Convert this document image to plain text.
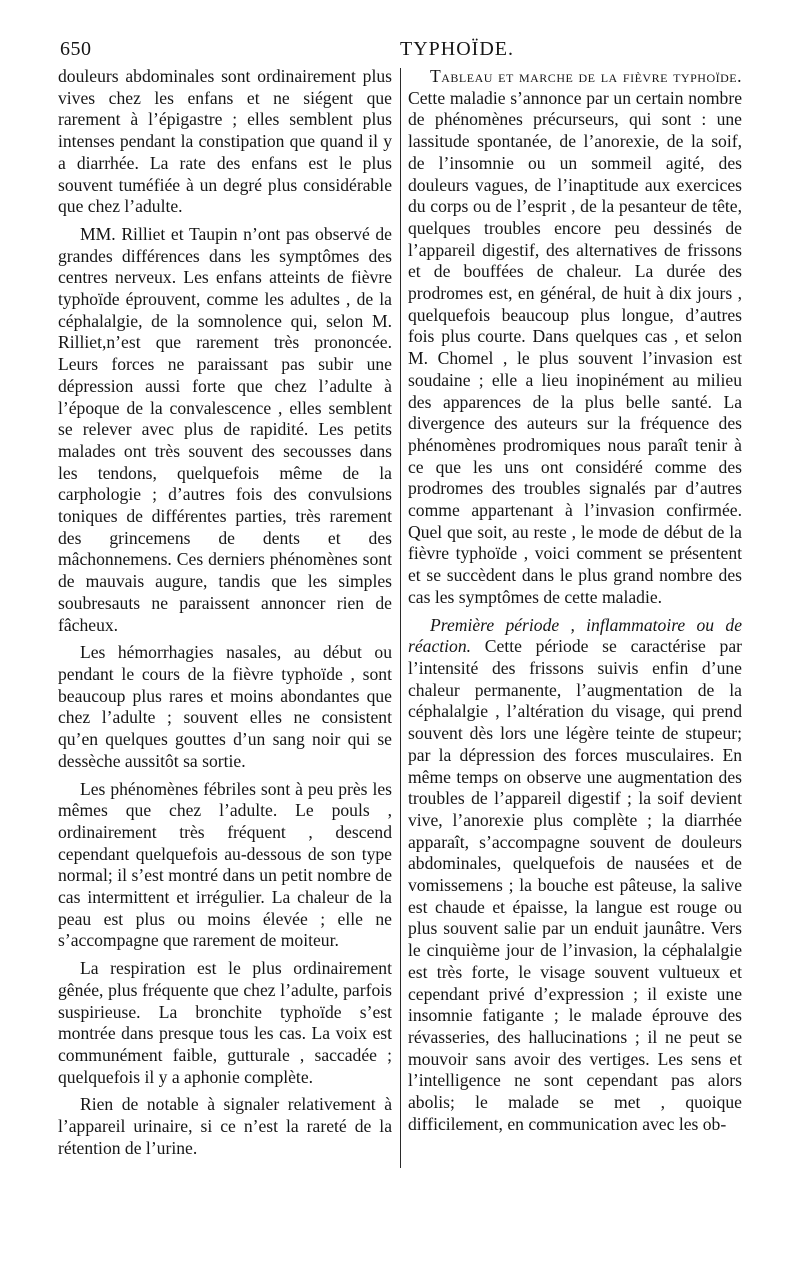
650	TYPHOÏDE.

douleurs abdominales sont ordinairement plus vives chez les enfans et ne siégent que rarement à l’épigastre ; elles semblent plus intenses pendant la constipation que quand il y a diarrhée. La rate des enfans est le plus souvent tuméfiée à un degré plus considérable que chez l’adulte.

MM. Rilliet et Taupin n’ont pas observé de grandes différences dans les symptômes des centres nerveux. Les enfans atteints de fièvre typhoïde éprouvent, comme les adultes , de la céphalalgie, de la somnolence qui, selon M. Rilliet,n’est que rarement très prononcée. Leurs forces ne paraissant pas subir une dépression aussi forte que chez l’adulte à l’époque de la convalescence , elles semblent se relever avec plus de rapidité. Les petits malades ont très souvent des secousses dans les tendons, quelquefois même de la carphologie ; d’autres fois des convulsions toniques de différentes parties, très rarement des grincemens de dents et des mâchonnemens. Ces derniers phénomènes sont de mauvais augure, tandis que les simples soubresauts ne paraissent annoncer rien de fâcheux.

Les hémorrhagies nasales, au début ou pendant le cours de la fièvre typhoïde , sont beaucoup plus rares et moins abondantes que chez l’adulte ; souvent elles ne consistent qu’en quelques gouttes d’un sang noir qui se dessèche aussitôt sa sortie.

Les phénomènes fébriles sont à peu près les mêmes que chez l’adulte. Le pouls , ordinairement très fréquent , descend cependant quelquefois au-dessous de son type normal; il s’est montré dans un petit nombre de cas intermittent et irrégulier. La chaleur de la peau est plus ou moins élevée ; elle ne s’accompagne que rarement de moiteur.

La respiration est le plus ordinairement gênée, plus fréquente que chez l’adulte, parfois suspirieuse. La bronchite typhoïde s’est montrée dans presque tous les cas. La voix est communément faible, gutturale , saccadée ; quelquefois il y a aphonie complète.

Rien de notable à signaler relativement à l’appareil urinaire, si ce n’est la rareté de la rétention de l’urine.

Tableau et marche de la fièvre typhoïde. Cette maladie s’annonce par un certain nombre de phénomènes précurseurs, qui sont : une lassitude spontanée, de l’anorexie, de la soif, de l’insomnie ou un sommeil agité, des douleurs vagues, de l’inaptitude aux exercices du corps ou de l’esprit , de la pesanteur de tête, quelques troubles encore peu dessinés de l’appareil digestif, des alternatives de frissons et de bouffées de chaleur. La durée des prodromes est, en général, de huit à dix jours , quelquefois beaucoup plus longue, d’autres fois plus courte. Dans quelques cas , et selon M. Chomel , le plus souvent l’invasion est soudaine ; elle a lieu inopinément au milieu des apparences de la plus belle santé. La divergence des auteurs sur la fréquence des phénomènes prodromiques nous paraît tenir à ce que les uns ont considéré comme des prodromes des troubles signalés par d’autres comme appartenant à l’invasion confirmée. Quel que soit, au reste , le mode de début de la fièvre typhoïde , voici comment se présentent et se succèdent dans le plus grand nombre des cas les symptômes de cette maladie.

Première période , inflammatoire ou de réaction. Cette période se caractérise par l’intensité des frissons suivis enfin d’une chaleur permanente, l’augmentation de la céphalalgie , l’altération du visage, qui prend souvent dès lors une légère teinte de stupeur; par la dépression des forces musculaires. En même temps on observe une augmentation des troubles de l’appareil digestif ; la soif devient vive, l’anorexie plus complète ; la diarrhée apparaît, s’accompagne souvent de douleurs abdominales, quelquefois de nausées et de vomissemens ; la bouche est pâteuse, la salive est chaude et épaisse, la langue est rouge ou plus souvent salie par un enduit jaunâtre. Vers le cinquième jour de l’invasion, la céphalalgie est très forte, le visage souvent vultueux et cependant privé d’expression ; il existe une insomnie fatigante ; le malade éprouve des révasseries, des hallucinations ; il ne peut se mouvoir sans avoir des vertiges. Les sens et l’intelligence ne sont cependant pas alors abolis; le malade se met , quoique difficilement, en communication avec les ob-
